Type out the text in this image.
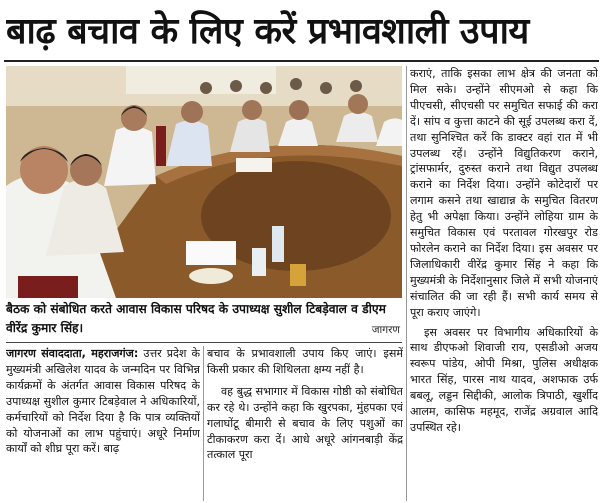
बाढ़ बचाव के लिए करें प्रभावशाली उपाय
बैठक को संबोधित करते आवास विकास परिषद के उपाध्यक्ष सुशील टिबड़ेवाल व डीएम वीरेंद्र कुमार सिंह।	जागरण

जागरण संवाददाता, महराजगंज: उत्तर प्रदेश के मुख्यमंत्री अखिलेश यादव के जन्मदिन पर विभिन्न कार्यक्रमों के अंतर्गत आवास विकास परिषद के उपाध्यक्ष सुशील कुमार टिबड़ेवाल ने अधिकारियों, कर्मचारियों को निर्देश दिया है कि पात्र व्यक्तियों को योजनाओं का लाभ पहुंचाएं। अधूरे निर्माण कार्यों को शीघ्र पूरा करें। बाढ़

बचाव के प्रभावशाली उपाय किए जाएं। इसमें किसी प्रकार की शिथिलता क्षम्य नहीं है।

वह बुद्ध सभागार में विकास गोष्ठी को संबोधित कर रहे थे। उन्होंने कहा कि खुरपका, मुंहपका एवं गलाघोंटू बीमारी से बचाव के लिए पशुओं का टीकाकरण करा दें। आधे अधूरे आंगनबाड़ी केंद्र तत्काल पूरा

कराएं, ताकि इसका लाभ क्षेत्र की जनता को मिल सके। उन्होंने सीएमओ से कहा कि पीएचसी, सीएचसी पर समुचित सफाई की करा दें। सांप व कुत्ता काटने की सूई उपलब्ध करा दें, तथा सुनिश्चित करें कि डाक्टर वहां रात में भी उपलब्ध रहें। उन्होंने विद्युतिकरण कराने, ट्रांसफार्मर, दुरुस्त कराने तथा विद्युत उपलब्ध कराने का निर्देश दिया। उन्होंने कोटेदारों पर लगाम कसने तथा खाद्यान्न के समुचित वितरण हेतु भी अपेक्षा किया। उन्होंने लोहिया ग्राम के समुचित विकास एवं परतावल गोरखपुर रोड फोरलेन कराने का निर्देश दिया। इस अवसर पर जिलाधिकारी वीरेंद्र कुमार सिंह ने कहा कि मुख्यमंत्री के निर्देशानुसार जिले में सभी योजनाएं संचालित की जा रही हैं। सभी कार्य समय से पूरा कराए जाएंगे।

इस अवसर पर विभागीय अधिकारियों के साथ डीएफओ शिवाजी राय, एसडीओ अजय स्वरूप पांडेय, ओपी मिश्रा, पुलिस अधीक्षक भारत सिंह, पारस नाथ यादव, अशफाक उर्फ बबलू, लड्डन सिद्दीकी, आलोक त्रिपाठी, खुर्शीद आलम, कासिफ महमूद, राजेंद्र अग्रवाल आदि उपस्थित रहे।
